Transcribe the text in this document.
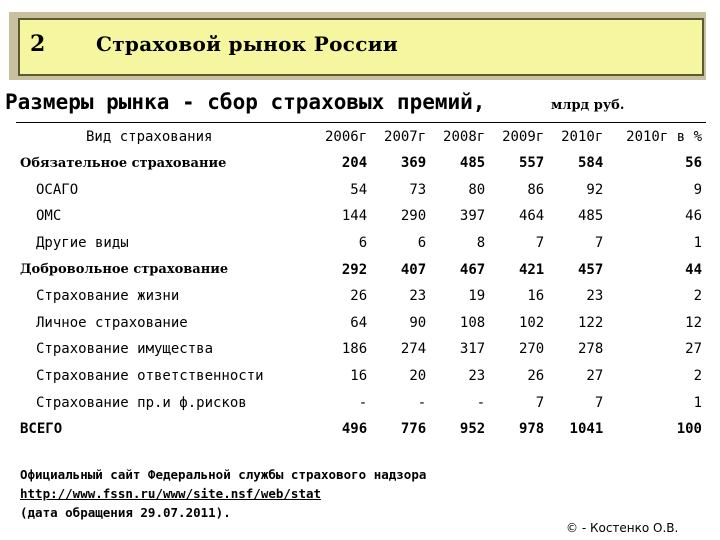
2	Страховой рынок России
Размеры рынка - сбор страховых премий,	млрд руб.
Вид страхования	2006г	2007г	2008г	2009г	2010г	2010г в %
Обязательное страхование	204	369	485	557	584	56
ОСАГО	54	73	80	86	92	9
ОМС	144	290	397	464	485	46
Другие виды	6	6	8	7	7	1
Добровольное страхование	292	407	467	421	457	44
Страхование жизни	26	23	19	16	23	2
Личное страхование	64	90	108	102	122	12
Страхование имущества	186	274	317	270	278	27
Страхование ответственности	16	20	23	26	27	2
Страхование пр.и ф.рисков	-	-	-	7	7	1
ВСЕГО	496	776	952	978	1041	100
Официальный сайт Федеральной службы страхового надзора
http://www.fssn.ru/www/site.nsf/web/stat
(дата обращения 29.07.2011).
© - Костенко О.В.
